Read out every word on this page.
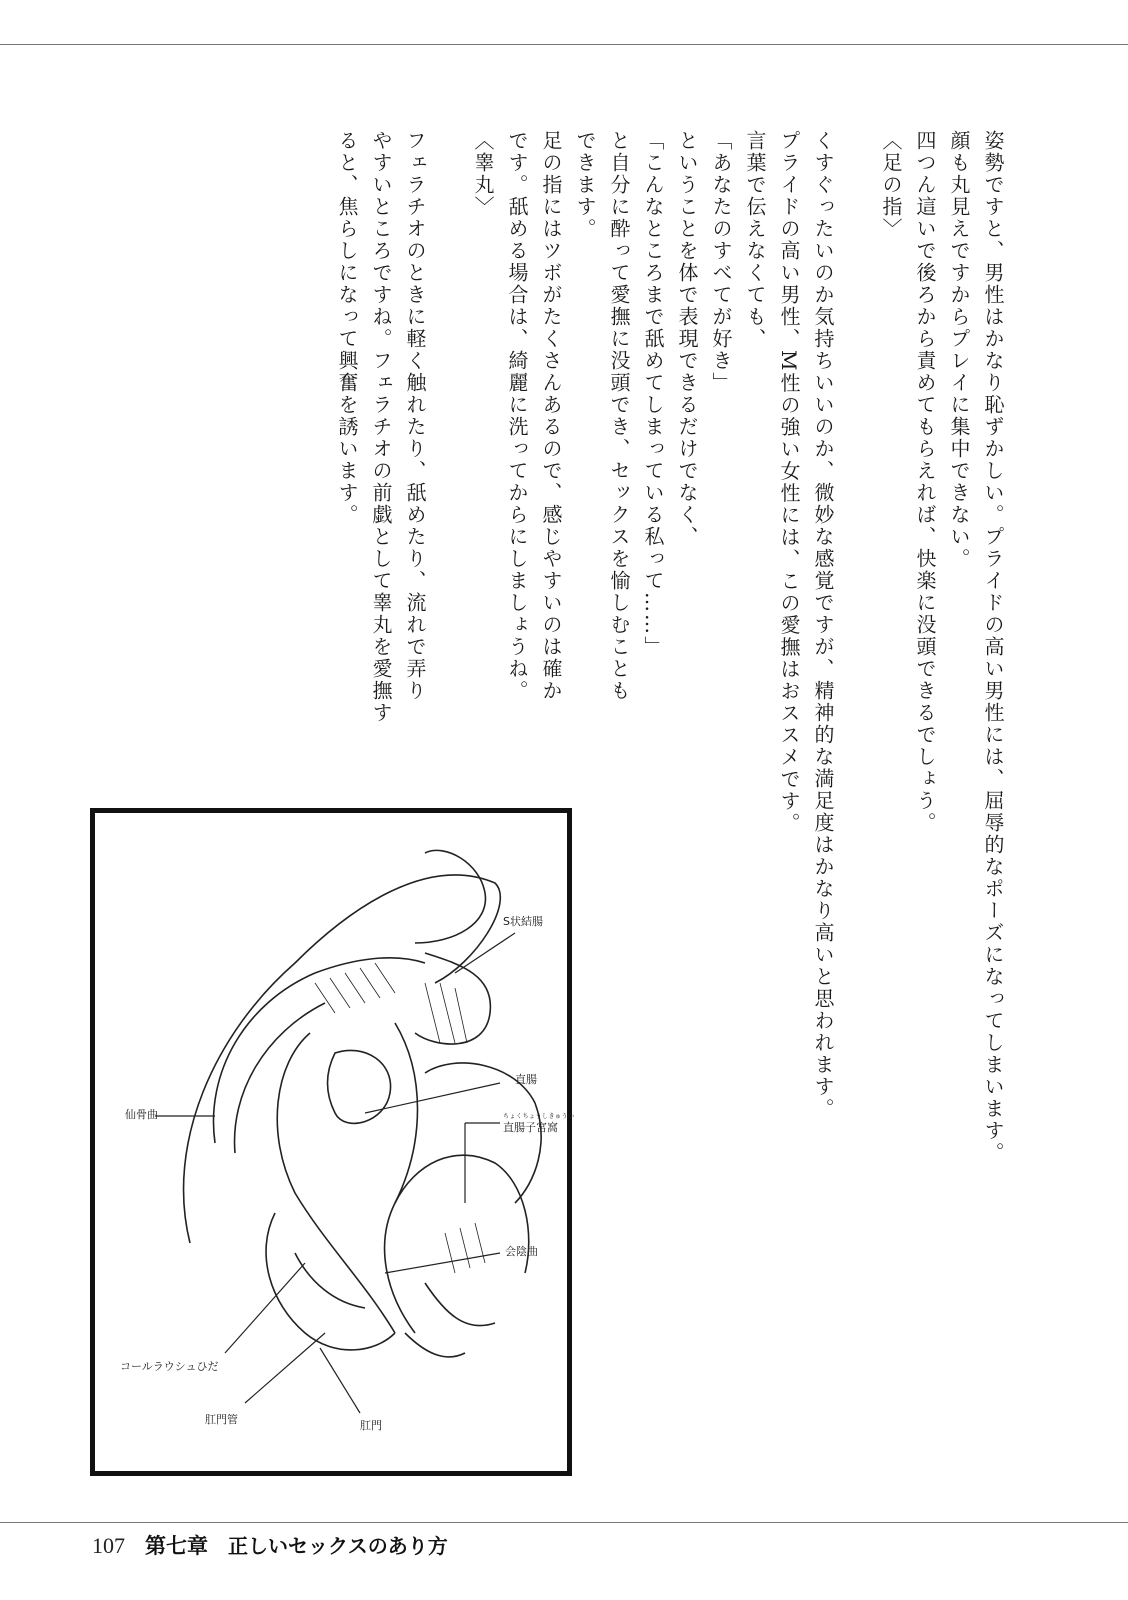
姿勢ですと、男性はかなり恥ずかしい。プライドの高い男性には、屈辱的なポーズになってしまいます。

顔も丸見えですからプレイに集中できない。

四つん這いで後ろから責めてもらえれば、快楽に没頭できるでしょう。

〈足の指〉

くすぐったいのか気持ちいいのか、微妙な感覚ですが、精神的な満足度はかなり高いと思われます。

プライドの高い男性、M性の強い女性には、この愛撫はおススメです。

言葉で伝えなくても、

「あなたのすべてが好き」

ということを体で表現できるだけでなく、

「こんなところまで舐めてしまっている私って……」

と自分に酔って愛撫に没頭でき、セックスを愉しむことも

できます。

足の指にはツボがたくさんあるので、感じやすいのは確か

です。舐める場合は、綺麗に洗ってからにしましょうね。

〈睾丸〉

フェラチオのときに軽く触れたり、舐めたり、流れで弄り

やすいところですね。フェラチオの前戯として睾丸を愛撫す

ると、焦らしになって興奮を誘います。

S状結腸
直腸
ちょくちょうしきゅうか
直腸子宮窩
仙骨曲
会陰曲
コールラウシュひだ
肛門管	肛門
107 第七章 正しいセックスのあり方
